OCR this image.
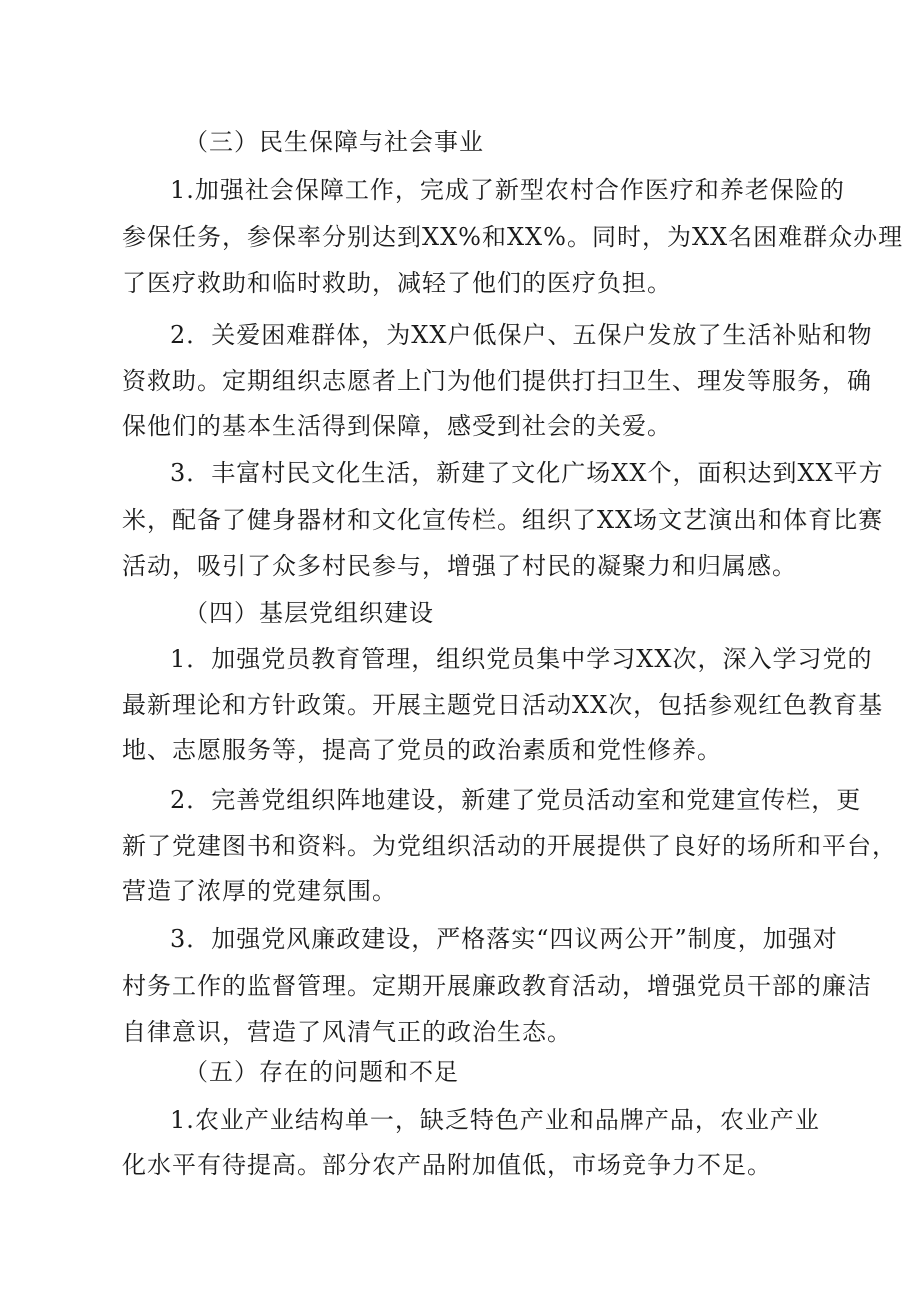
（三）民生保障与社会事业
1.加强社会保障工作，完成了新型农村合作医疗和养老保险的
参保任务，参保率分别达到XX%和XX%。同时，为XX名困难群众办理
了医疗救助和临时救助，减轻了他们的医疗负担。
2．关爱困难群体，为XX户低保户、五保户发放了生活补贴和物
资救助。定期组织志愿者上门为他们提供打扫卫生、理发等服务，确
保他们的基本生活得到保障，感受到社会的关爱。
3．丰富村民文化生活，新建了文化广场XX个，面积达到XX平方
米，配备了健身器材和文化宣传栏。组织了XX场文艺演出和体育比赛
活动，吸引了众多村民参与，增强了村民的凝聚力和归属感。
（四）基层党组织建设
1．加强党员教育管理，组织党员集中学习XX次，深入学习党的
最新理论和方针政策。开展主题党日活动XX次，包括参观红色教育基
地、志愿服务等，提高了党员的政治素质和党性修养。
2．完善党组织阵地建设，新建了党员活动室和党建宣传栏，更
新了党建图书和资料。为党组织活动的开展提供了良好的场所和平台，
营造了浓厚的党建氛围。
3．加强党风廉政建设，严格落实“四议两公开”制度，加强对
村务工作的监督管理。定期开展廉政教育活动，增强党员干部的廉洁
自律意识，营造了风清气正的政治生态。
（五）存在的问题和不足
1.农业产业结构单一，缺乏特色产业和品牌产品，农业产业
化水平有待提高。部分农产品附加值低，市场竞争力不足。
